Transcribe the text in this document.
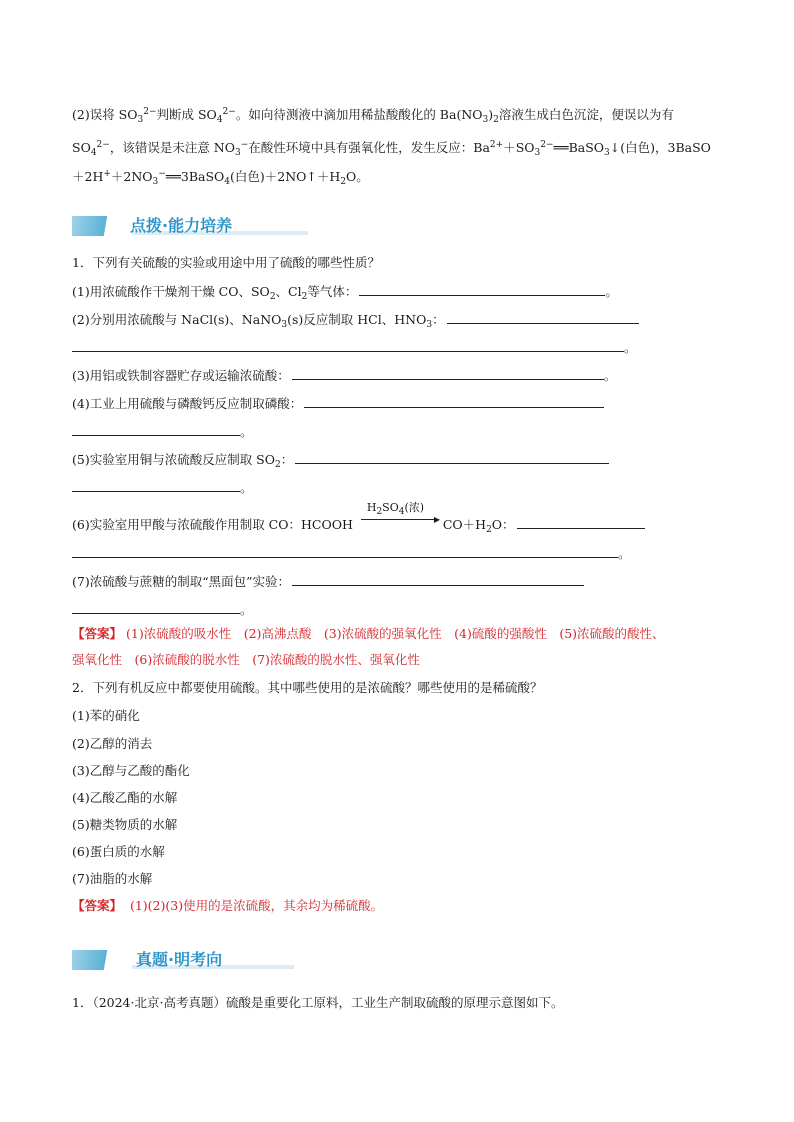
(2)误将 $SO_3^{2-}$判断成 $SO_4^{2-}$。如向待测液中滴加用稀盐酸酸化的 $Ba(NO_3)_2$溶液生成白色沉淀，便误以为有
$SO_4^{2-}$，该错误是未注意 $NO_3^-$在酸性环境中具有强氧化性，发生反应：$Ba^{2+}+SO_3^{2-}══BaSO_3↓$(白色)，3BaSO
$+2H^++2NO_3^-══3BaSO_4$(白色)$+2NO↑+H_2O$。
点拨·能力培养
1．下列有关硫酸的实验或用途中用了硫酸的哪些性质？
(1)用浓硫酸作干燥剂干燥 CO、$SO_2$、$Cl_2$等气体：	。
(2)分别用浓硫酸与 NaCl(s)、NaNO$_3$(s)反应制取 HCl、$HNO_3$：
。
(3)用铝或铁制容器贮存或运输浓硫酸：	。
(4)工业上用硫酸与磷酸钙反应制取磷酸：
。
(5)实验室用铜与浓硫酸反应制取 $SO_2$：
。
(6)实验室用甲酸与浓硫酸作用制取 CO：HCOOH
$H_2SO_4$(浓)
▶ $CO+H_2O$：
。
(7)浓硫酸与蔗糖的制取“黑面包”实验：
。
【答案】 (1)浓硫酸的吸水性　(2)高沸点酸　(3)浓硫酸的强氧化性　(4)硫酸的强酸性　(5)浓硫酸的酸性、
强氧化性　(6)浓硫酸的脱水性　(7)浓硫酸的脱水性、强氧化性
2．下列有机反应中都要使用硫酸。其中哪些使用的是浓硫酸？哪些使用的是稀硫酸？
(1)苯的硝化
(2)乙醇的消去
(3)乙醇与乙酸的酯化
(4)乙酸乙酯的水解
(5)糖类物质的水解
(6)蛋白质的水解
(7)油脂的水解
【答案】 (1)(2)(3)使用的是浓硫酸，其余均为稀硫酸。
真题·明考向
1．（2024·北京·高考真题）硫酸是重要化工原料，工业生产制取硫酸的原理示意图如下。
